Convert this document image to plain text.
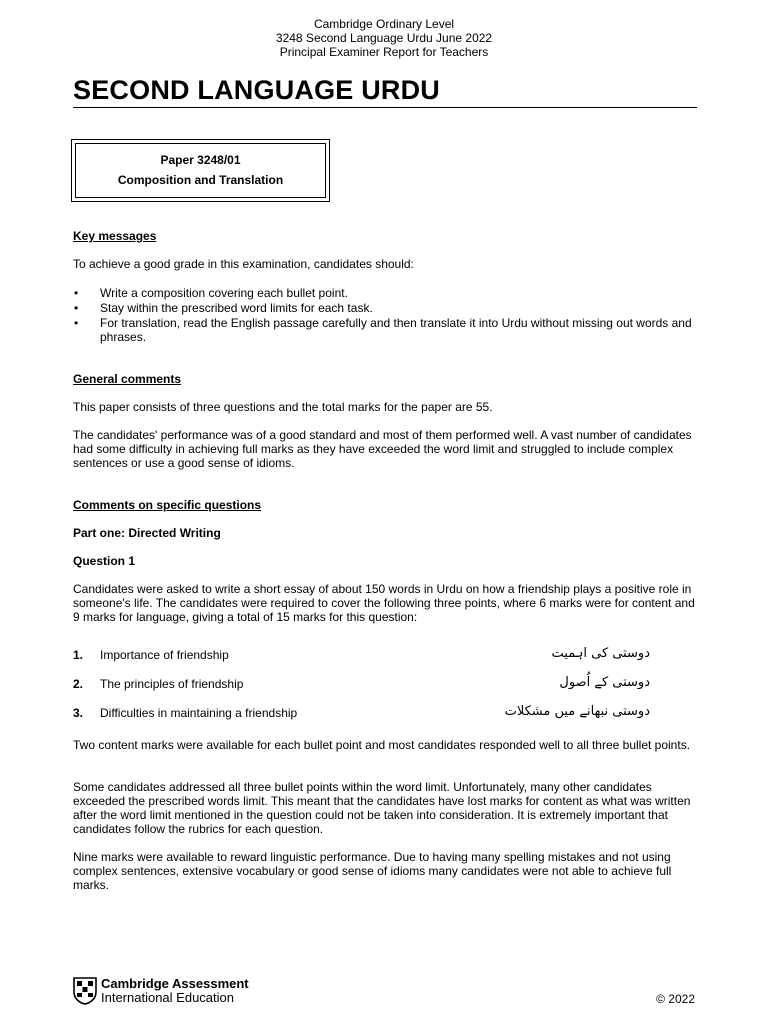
Cambridge Ordinary Level
3248 Second Language Urdu June 2022
Principal Examiner Report for Teachers
SECOND LANGUAGE URDU
Paper 3248/01
Composition and Translation
Key messages
To achieve a good grade in this examination, candidates should:
• Write a composition covering each bullet point.
• Stay within the prescribed word limits for each task.
• For translation, read the English passage carefully and then translate it into Urdu without missing out words and phrases.
General comments
This paper consists of three questions and the total marks for the paper are 55.
The candidates' performance was of a good standard and most of them performed well. A vast number of candidates had some difficulty in achieving full marks as they have exceeded the word limit and struggled to include complex sentences or use a good sense of idioms.
Comments on specific questions
Part one: Directed Writing
Question 1
Candidates were asked to write a short essay of about 150 words in Urdu on how a friendship plays a positive role in someone's life. The candidates were required to cover the following three points, where 6 marks were for content and 9 marks for language, giving a total of 15 marks for this question:
1. Importance of friendship	دوستی کی اہمیت
2. The principles of friendship	دوستی کے اُصول
3. Difficulties in maintaining a friendship	دوستی نبھانے میں مشکلات
Two content marks were available for each bullet point and most candidates responded well to all three bullet points.
Some candidates addressed all three bullet points within the word limit. Unfortunately, many other candidates exceeded the prescribed words limit. This meant that the candidates have lost marks for content as what was written after the word limit mentioned in the question could not be taken into consideration. It is extremely important that candidates follow the rubrics for each question.
Nine marks were available to reward linguistic performance. Due to having many spelling mistakes and not using complex sentences, extensive vocabulary or good sense of idioms many candidates were not able to achieve full marks.
Cambridge Assessment
International Education	© 2022
